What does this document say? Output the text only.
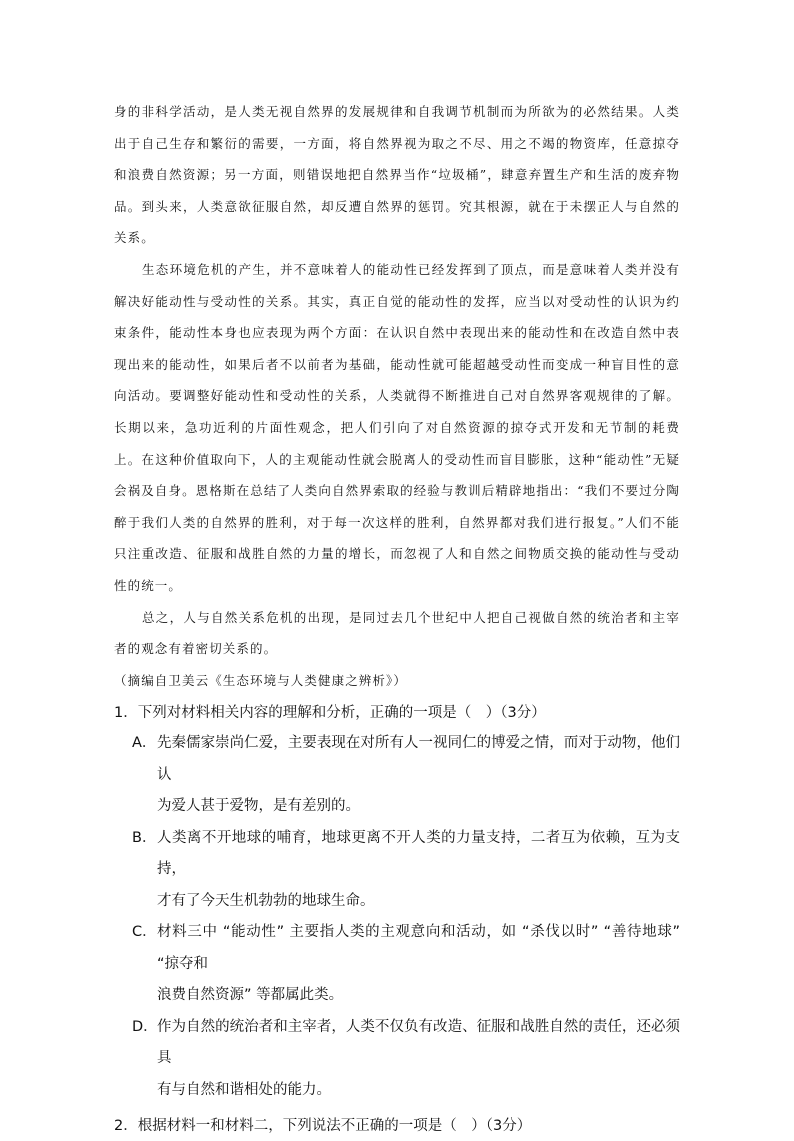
身的非科学活动，是人类无视自然界的发展规律和自我调节机制而为所欲为的必然结果。人类出于自己生存和繁衍的需要，一方面，将自然界视为取之不尽、用之不竭的物资库，任意掠夺和浪费自然资源；另一方面，则错误地把自然界当作“垃圾桶”，肆意弃置生产和生活的废弃物品。到头来，人类意欲征服自然，却反遭自然界的惩罚。究其根源，就在于未摆正人与自然的关系。

生态环境危机的产生，并不意味着人的能动性已经发挥到了顶点，而是意味着人类并没有解决好能动性与受动性的关系。其实，真正自觉的能动性的发挥，应当以对受动性的认识为约束条件，能动性本身也应表现为两个方面：在认识自然中表现出来的能动性和在改造自然中表现出来的能动性，如果后者不以前者为基础，能动性就可能超越受动性而变成一种盲目性的意向活动。要调整好能动性和受动性的关系，人类就得不断推进自己对自然界客观规律的了解。长期以来，急功近利的片面性观念，把人们引向了对自然资源的掠夺式开发和无节制的耗费上。在这种价值取向下，人的主观能动性就会脱离人的受动性而盲目膨胀，这种“能动性”无疑会祸及自身。恩格斯在总结了人类向自然界索取的经验与教训后精辟地指出：“我们不要过分陶醉于我们人类的自然界的胜利，对于每一次这样的胜利，自然界都对我们进行报复。”人们不能只注重改造、征服和战胜自然的力量的增长，而忽视了人和自然之间物质交换的能动性与受动性的统一。

总之，人与自然关系危机的出现，是同过去几个世纪中人把自己视做自然的统治者和主宰者的观念有着密切关系的。

（摘编自卫美云《生态环境与人类健康之辨析》）

1．下列对材料相关内容的理解和分析，正确的一项是（　）（3分）

A． 先秦儒家崇尚仁爱，主要表现在对所有人一视同仁的博爱之情，而对于动物，他们认
为爱人甚于爱物，是有差别的。
B． 人类离不开地球的哺育，地球更离不开人类的力量支持，二者互为依赖，互为支持，
才有了今天生机勃勃的地球生命。
C． 材料三中 “能动性” 主要指人类的主观意向和活动，如 “杀伐以时” “善待地球” “掠夺和
浪费自然资源” 等都属此类。
D． 作为自然的统治者和主宰者，人类不仅负有改造、征服和战胜自然的责任，还必须具
有与自然和谐相处的能力。

2．根据材料一和材料二，下列说法不正确的一项是（　）（3分）
